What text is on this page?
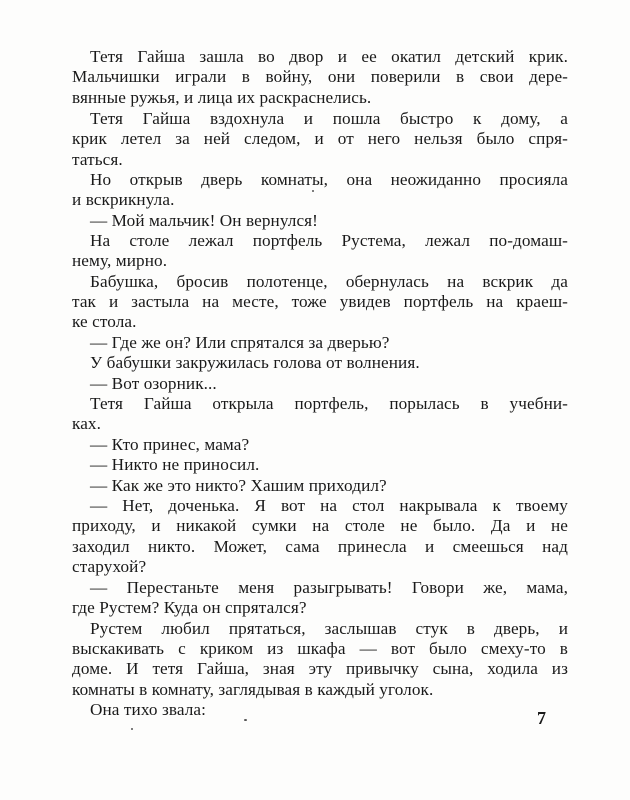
Тетя Гайша зашла во двор и ее окатил детский крик.
Мальчишки играли в войну, они поверили в свои дере-
вянные ружья, и лица их раскраснелись.
Тетя Гайша вздохнула и пошла быстро к дому, а
крик летел за ней следом, и от него нельзя было спря-
таться.
Но открыв дверь комнаты, она неожиданно просияла
и вскрикнула.
— Мой мальчик! Он вернулся!
На столе лежал портфель Рустема, лежал по-домаш-
нему, мирно.
Бабушка, бросив полотенце, обернулась на вскрик да
так и застыла на месте, тоже увидев портфель на краеш-
ке стола.
— Где же он? Или спрятался за дверью?
У бабушки закружилась голова от волнения.
— Вот озорник...
Тетя Гайша открыла портфель, порылась в учебни-
ках.
— Кто принес, мама?
— Никто не приносил.
— Как же это никто? Хашим приходил?
— Нет, доченька. Я вот на стол накрывала к твоему
приходу, и никакой сумки на столе не было. Да и не
заходил никто. Может, сама принесла и смеешься над
старухой?
— Перестаньте меня разыгрывать! Говори же, мама,
где Рустем? Куда он спрятался?
Рустем любил прятаться, заслышав стук в дверь, и
выскакивать с криком из шкафа — вот было смеху-то в
доме. И тетя Гайша, зная эту привычку сына, ходила из
комнаты в комнату, заглядывая в каждый уголок.
Она тихо звала:	7
